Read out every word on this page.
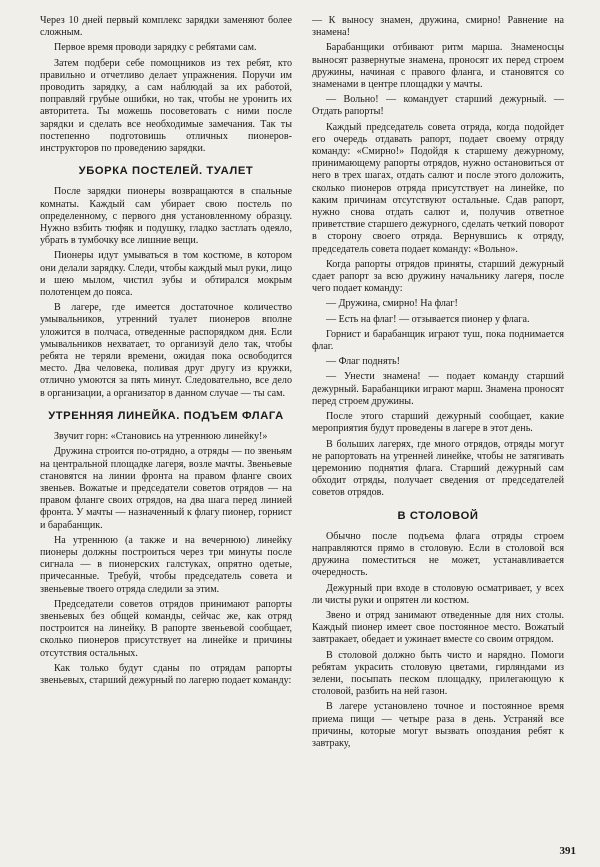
Через 10 дней первый комплекс зарядки заменяют более сложным.

Первое время проводи зарядку с ребятами сам.

Затем подбери себе помощников из тех ребят, кто правильно и отчетливо делает упражнения. Поручи им проводить зарядку, а сам наблюдай за их работой, поправляй грубые ошибки, но так, чтобы не уронить их авторитета. Ты можешь посоветовать с ними после зарядки и сделать все необходимые замечания. Так ты постепенно подготовишь отличных пионеров-инструкторов по проведению зарядки.

УБОРКА ПОСТЕЛЕЙ. ТУАЛЕТ

После зарядки пионеры возвращаются в спальные комнаты. Каждый сам убирает свою постель по определенному, с первого дня установленному образцу. Нужно взбить тюфяк и подушку, гладко застлать одеяло, убрать в тумбочку все лишние вещи.

Пионеры идут умываться в том костюме, в котором они делали зарядку. Следи, чтобы каждый мыл руки, лицо и шею мылом, чистил зубы и обтирался мокрым полотенцем до пояса.

В лагере, где имеется достаточное количество умывальников, утренний туалет пионеров вполне уложится в полчаса, отведенные распорядком дня. Если умывальников нехватает, то организуй дело так, чтобы ребята не теряли времени, ожидая пока освободится место. Два человека, поливая друг другу из кружки, отлично умоются за пять минут. Следовательно, все дело в организации, а организатор в данном случае — ты сам.

УТРЕННЯЯ ЛИНЕЙКА. ПОДЪЕМ ФЛАГА

Звучит горн: «Становись на утреннюю линейку!»

Дружина строится по-отрядно, а отряды — по звеньям на центральной площадке лагеря, возле мачты. Звеньевые становятся на линии фронта на правом фланге своих звеньев. Вожатые и председатели советов отрядов — на правом фланге своих отрядов, на два шага перед линией фронта. У мачты — назначенный к флагу пионер, горнист и барабанщик.

На утреннюю (а также и на вечернюю) линейку пионеры должны построиться через три минуты после сигнала — в пионерских галстуках, опрятно одетые, причесанные. Требуй, чтобы председатель совета и звеньевые твоего отряда следили за этим.

Председатели советов отрядов принимают рапорты звеньевых без общей команды, сейчас же, как отряд построится на линейку. В рапорте звеньевой сообщает, сколько пионеров присутствует на линейке и причины отсутствия остальных.

Как только будут сданы по отрядам рапорты звеньевых, старший дежурный по лагерю подает команду:

— К выносу знамен, дружина, смирно! Равнение на знамена!

Барабанщики отбивают ритм марша. Знаменосцы выносят развернутые знамена, проносят их перед строем дружины, начиная с правого фланга, и становятся со знаменами в центре площадки у мачты.

— Вольно! — командует старший дежурный. — Отдать рапорты!

Каждый председатель совета отряда, когда подойдет его очередь отдавать рапорт, подает своему отряду команду: «Смирно!» Подойдя к старшему дежурному, принимающему рапорты отрядов, нужно остановиться от него в трех шагах, отдать салют и после этого доложить, сколько пионеров отряда присутствует на линейке, по каким причинам отсутствуют остальные. Сдав рапорт, нужно снова отдать салют и, получив ответное приветствие старшего дежурного, сделать четкий поворот в сторону своего отряда. Вернувшись к отряду, председатель совета подает команду: «Вольно».

Когда рапорты отрядов приняты, старший дежурный сдает рапорт за всю дружину начальнику лагеря, после чего подает команду:

— Дружина, смирно! На флаг!

— Есть на флаг! — отзывается пионер у флага.

Горнист и барабанщик играют туш, пока поднимается флаг.

— Флаг поднять!

— Унести знамена! — подает команду старший дежурный. Барабанщики играют марш. Знамена проносят перед строем дружины.

После этого старший дежурный сообщает, какие мероприятия будут проведены в лагере в этот день.

В больших лагерях, где много отрядов, отряды могут не рапортовать на утренней линейке, чтобы не затягивать церемонию поднятия флага. Старший дежурный сам обходит отряды, получает сведения от председателей советов отрядов.

В СТОЛОВОЙ

Обычно после подъема флага отряды строем направляются прямо в столовую. Если в столовой вся дружина поместиться не может, устанавливается очередность.

Дежурный при входе в столовую осматривает, у всех ли чисты руки и опрятен ли костюм.

Звено и отряд занимают отведенные для них столы. Каждый пионер имеет свое постоянное место. Вожатый завтракает, обедает и ужинает вместе со своим отрядом.

В столовой должно быть чисто и нарядно. Помоги ребятам украсить столовую цветами, гирляндами из зелени, посыпать песком площадку, прилегающую к столовой, разбить на ней газон.

В лагере установлено точное и постоянное время приема пищи — четыре раза в день. Устраняй все причины, которые могут вызвать опоздания ребят к завтраку,

391
